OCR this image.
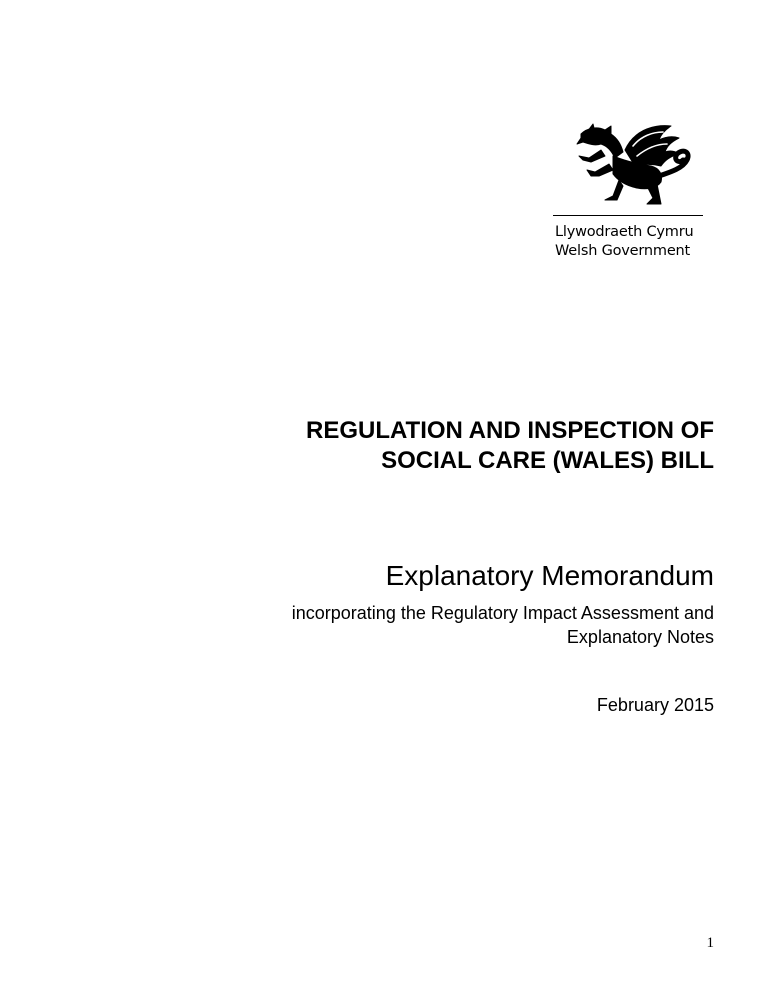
Llywodraeth Cymru
Welsh Government
REGULATION AND INSPECTION OF
SOCIAL CARE (WALES) BILL
Explanatory Memorandum
incorporating the Regulatory Impact Assessment and
Explanatory Notes
February 2015
1
